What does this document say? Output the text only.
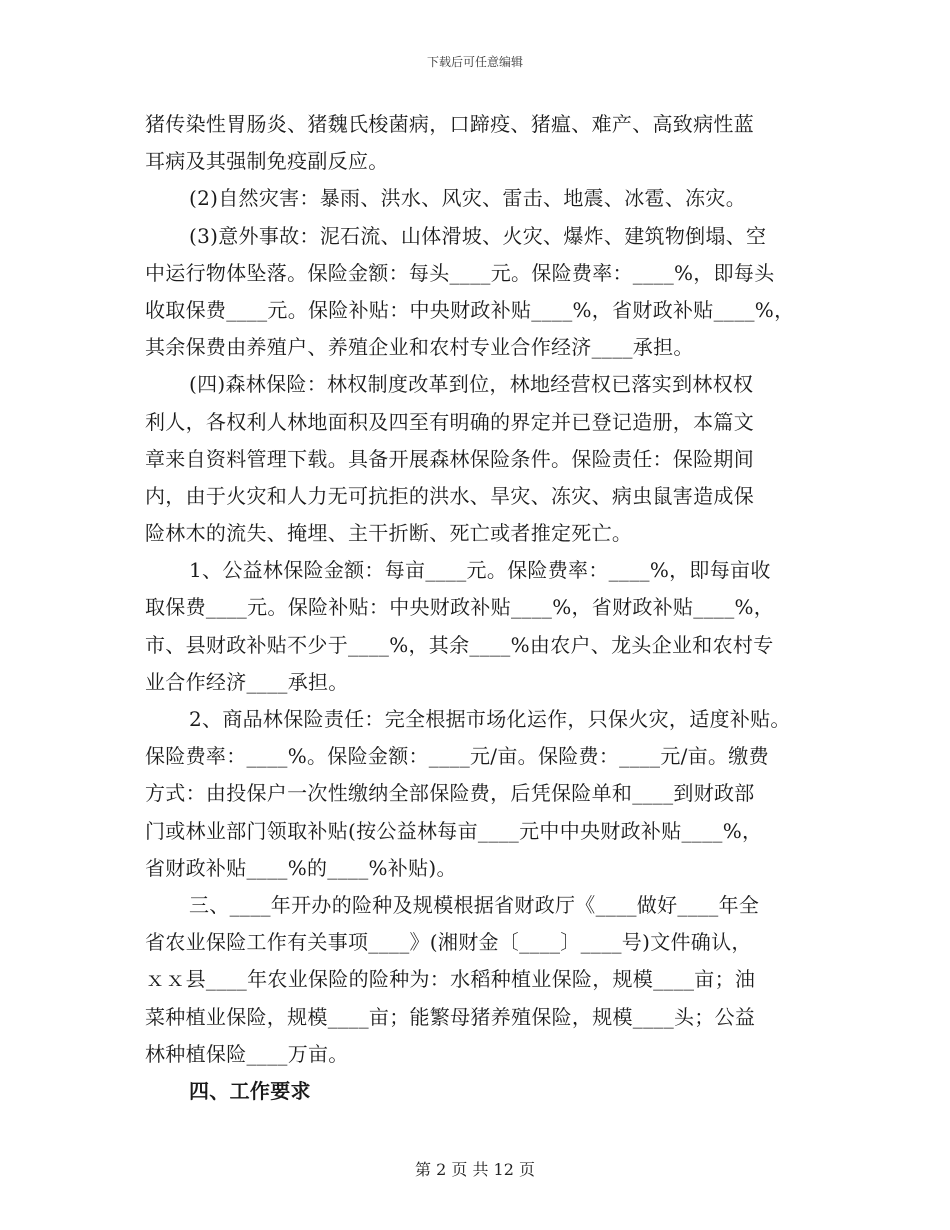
下载后可任意编辑
猪传染性胃肠炎、猪魏氏梭菌病，口蹄疫、猪瘟、难产、高致病性蓝
耳病及其强制免疫副反应。
(2)自然灾害：暴雨、洪水、风灾、雷击、地震、冰雹、冻灾。
(3)意外事故：泥石流、山体滑坡、火灾、爆炸、建筑物倒塌、空
中运行物体坠落。保险金额：每头____元。保险费率：____%，即每头
收取保费____元。保险补贴：中央财政补贴____%，省财政补贴____%，
其余保费由养殖户、养殖企业和农村专业合作经济____承担。
(四)森林保险：林权制度改革到位，林地经营权已落实到林权权
利人，各权利人林地面积及四至有明确的界定并已登记造册，本篇文
章来自资料管理下载。具备开展森林保险条件。保险责任：保险期间
内，由于火灾和人力无可抗拒的洪水、旱灾、冻灾、病虫鼠害造成保
险林木的流失、掩埋、主干折断、死亡或者推定死亡。
1、公益林保险金额：每亩____元。保险费率：____%，即每亩收
取保费____元。保险补贴：中央财政补贴____%，省财政补贴____%，
市、县财政补贴不少于____%，其余____%由农户、龙头企业和农村专
业合作经济____承担。
2、商品林保险责任：完全根据市场化运作，只保火灾，适度补贴。
保险费率：____%。保险金额：____元/亩。保险费：____元/亩。缴费
方式：由投保户一次性缴纳全部保险费，后凭保险单和____到财政部
门或林业部门领取补贴(按公益林每亩____元中中央财政补贴____%，
省财政补贴____%的____%补贴)。
三、____年开办的险种及规模根据省财政厅《____做好____年全
省农业保险工作有关事项____》(湘财金〔____〕____号)文件确认，
ｘｘ县____年农业保险的险种为：水稻种植业保险，规模____亩；油
菜种植业保险，规模____亩；能繁母猪养殖保险，规模____头；公益
林种植保险____万亩。
四、工作要求
第 2 页 共 12 页
